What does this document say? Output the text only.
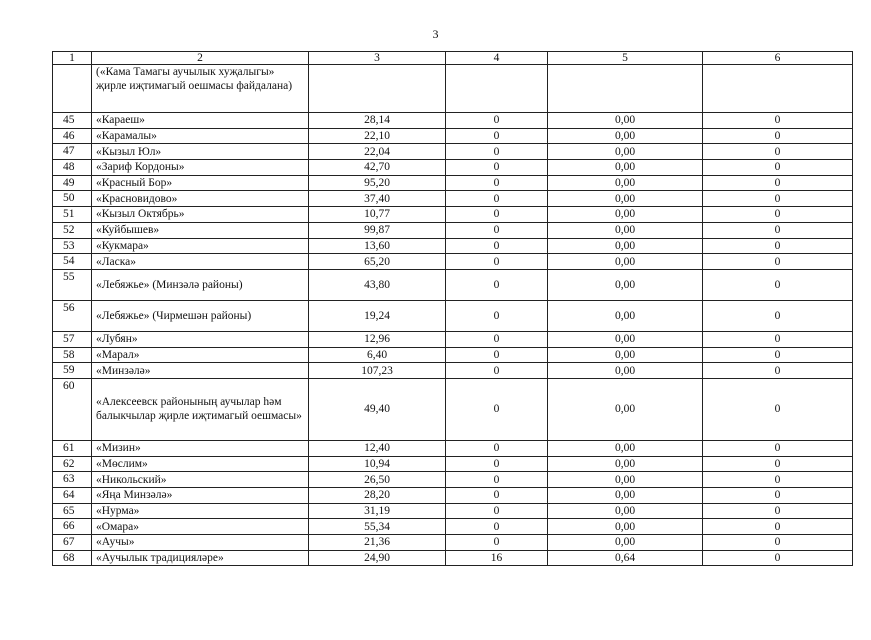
3
1	2	3	4	5	6
	(«Кама Тамагы аучылык хуҗалыгы» җирле иҗтимагый оешмасы файдалана)				
45	«Караеш»	28,14	0	0,00	0
46	«Карамалы»	22,10	0	0,00	0
47	«Кызыл Юл»	22,04	0	0,00	0
48	«Зариф Кордоны»	42,70	0	0,00	0
49	«Красный Бор»	95,20	0	0,00	0
50	«Красновидово»	37,40	0	0,00	0
51	«Кызыл Октябрь»	10,77	0	0,00	0
52	«Куйбышев»	99,87	0	0,00	0
53	«Кукмара»	13,60	0	0,00	0
54	«Ласка»	65,20	0	0,00	0
55	«Лебяжье» (Минзәлә районы)	43,80	0	0,00	0
56	«Лебяжье» (Чирмешән районы)	19,24	0	0,00	0
57	«Лубян»	12,96	0	0,00	0
58	«Марал»	6,40	0	0,00	0
59	«Минзәлә»	107,23	0	0,00	0
60	«Алексеевск районының аучылар һәм балыкчылар җирле иҗтимагый оешмасы»	49,40	0	0,00	0
61	«Мизин»	12,40	0	0,00	0
62	«Мөслим»	10,94	0	0,00	0
63	«Никольский»	26,50	0	0,00	0
64	«Яңа Минзәлә»	28,20	0	0,00	0
65	«Нурма»	31,19	0	0,00	0
66	«Омара»	55,34	0	0,00	0
67	«Аучы»	21,36	0	0,00	0
68	«Аучылык традицияләре»	24,90	16	0,64	0
